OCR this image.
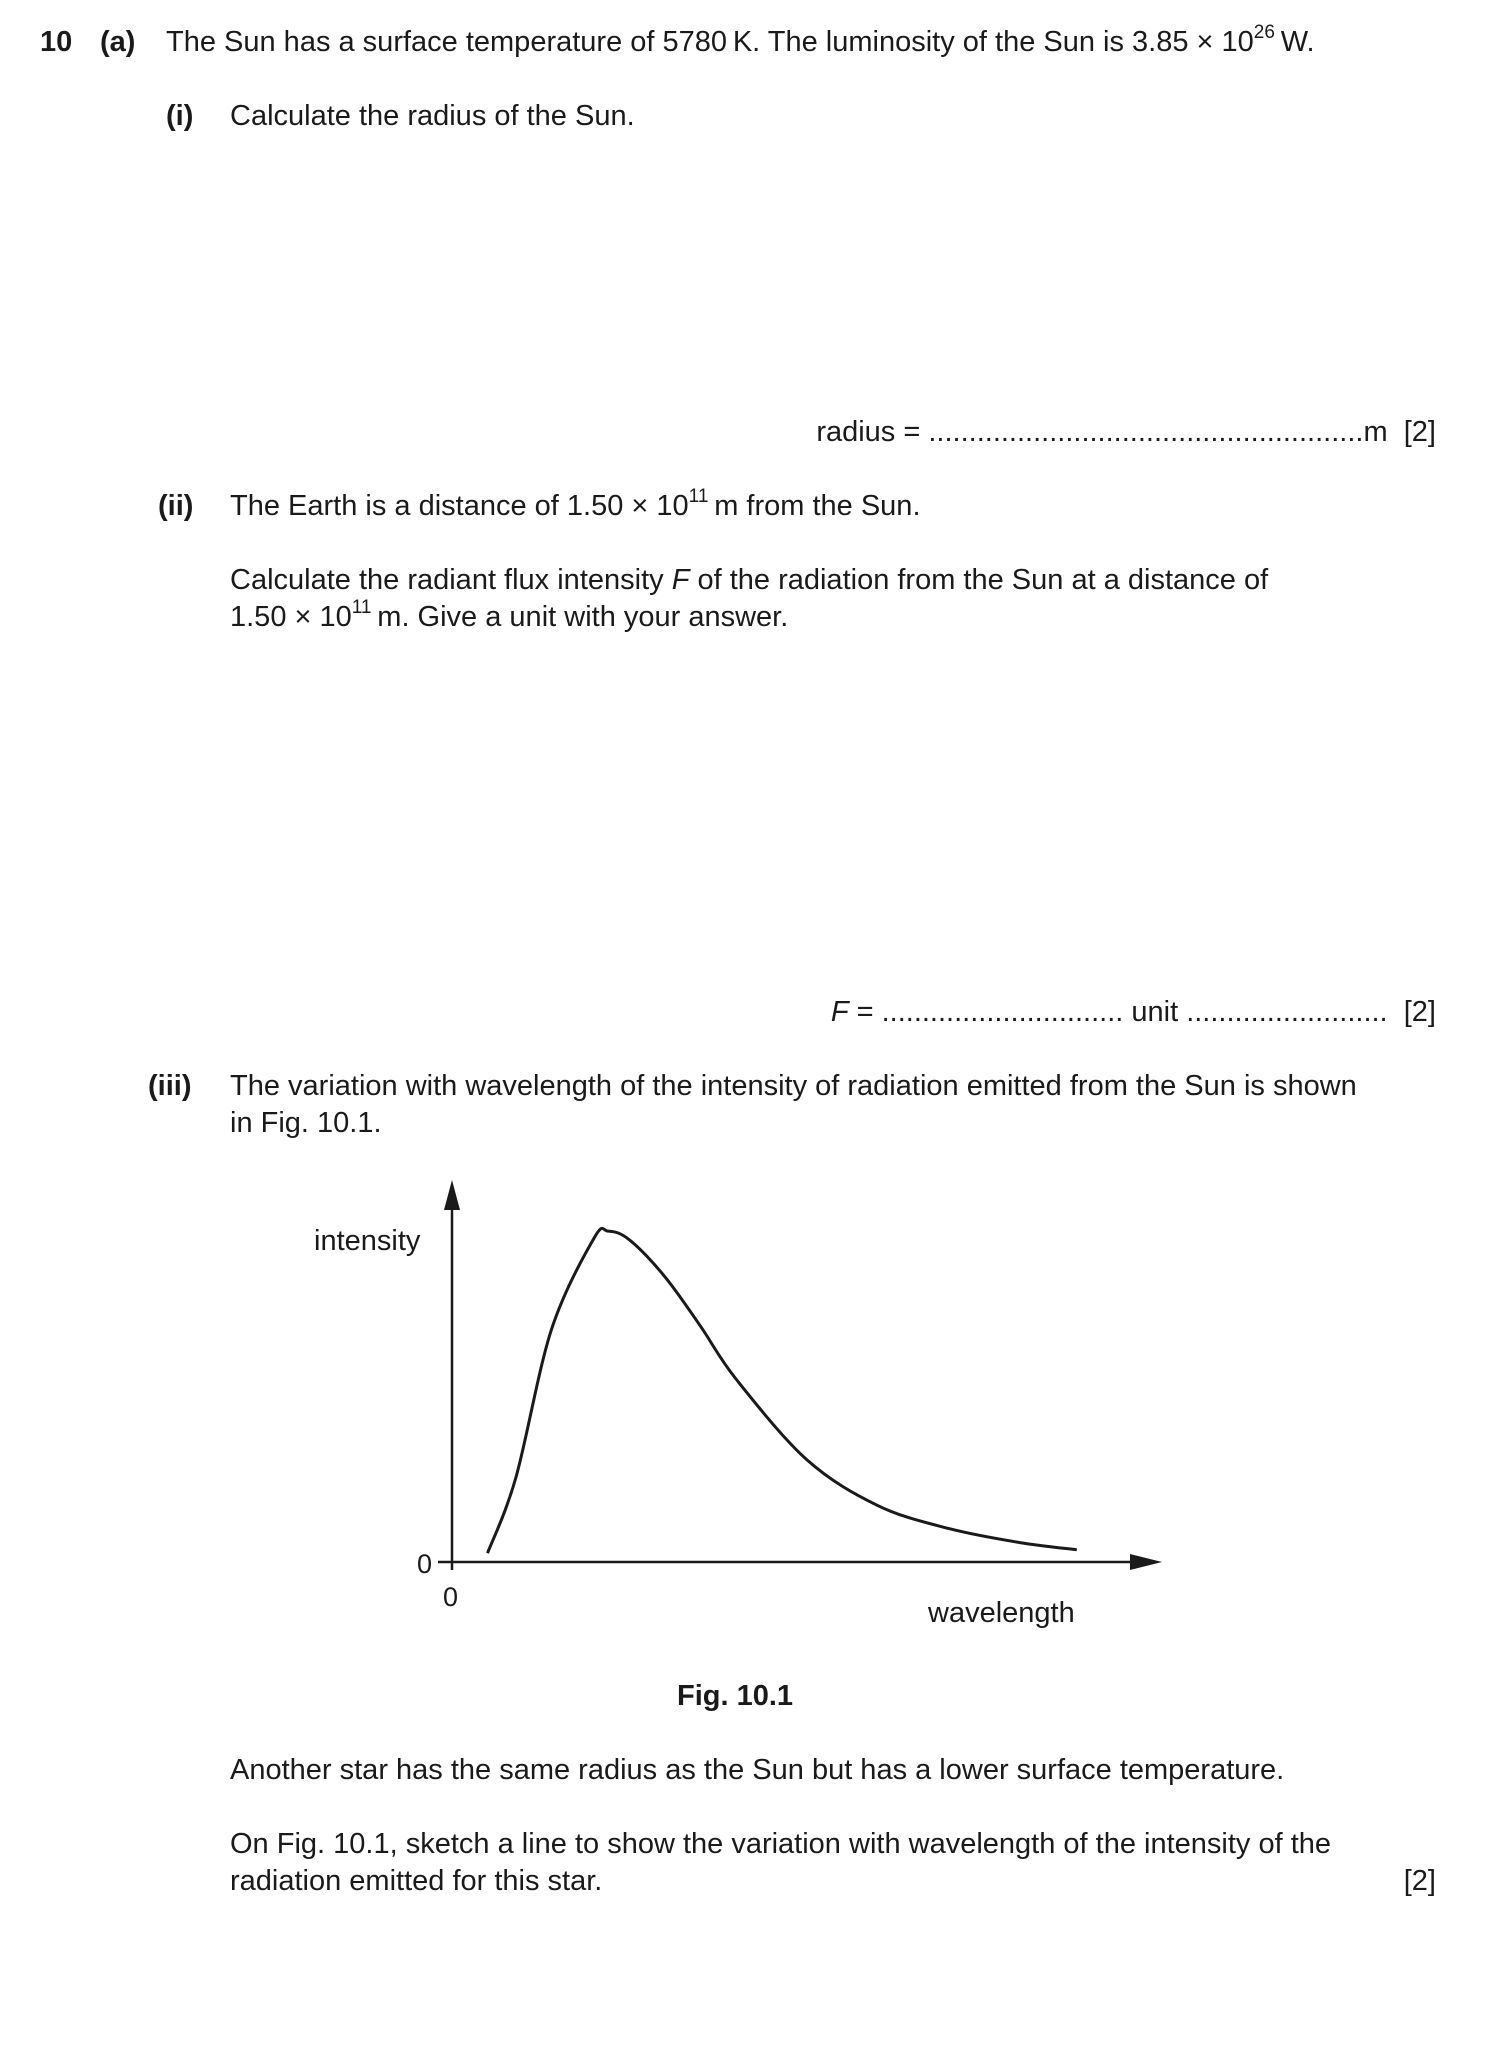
10 (a) The Sun has a surface temperature of 5780 K. The luminosity of the Sun is $3.85 \times 10^{26}$ W.

(i) Calculate the radius of the Sun.

radius = ......................................................m [2]

(ii) The Earth is a distance of $1.50 \times 10^{11}$ m from the Sun.

Calculate the radiant flux intensity F of the radiation from the Sun at a distance of
$1.50 \times 10^{11}$ m. Give a unit with your answer.

F = .............................. unit ......................... [2]

(iii) The variation with wavelength of the intensity of radiation emitted from the Sun is shown

in Fig. 10.1.

intensity
wavelength
0
0

Fig. 10.1

Another star has the same radius as the Sun but has a lower surface temperature.

On Fig. 10.1, sketch a line to show the variation with wavelength of the intensity of the

radiation emitted for this star.	[2]
